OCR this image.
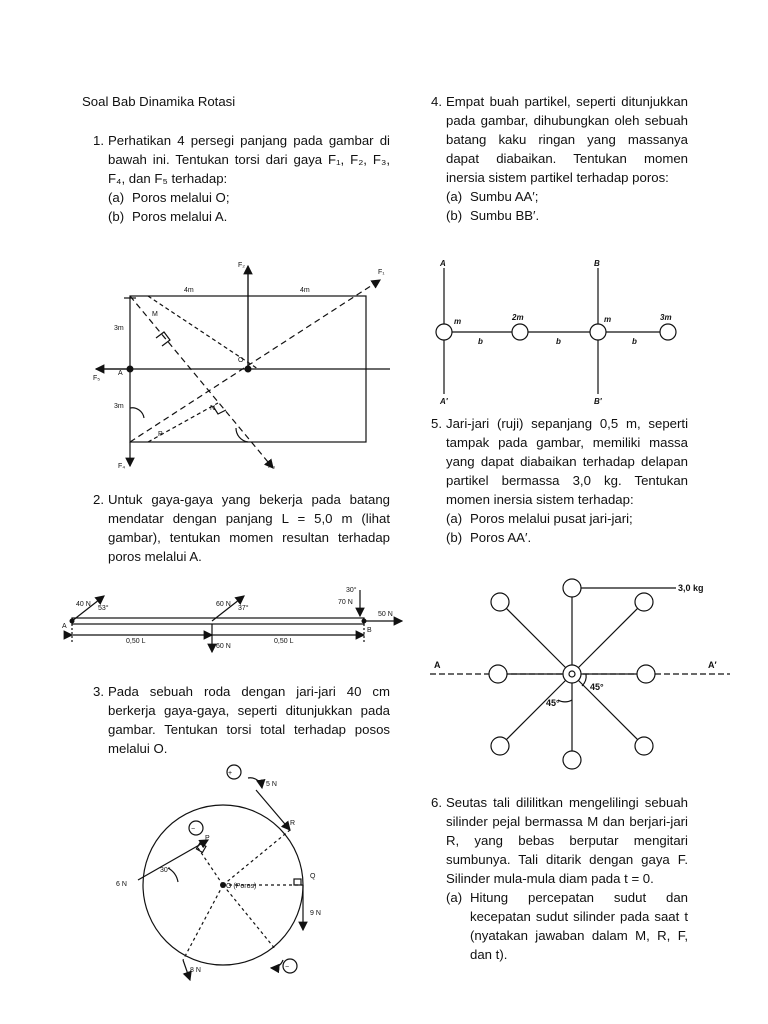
Soal Bab Dinamika Rotasi
1. Perhatikan 4 persegi panjang pada gambar di bawah ini. Tentukan torsi dari gaya F₁, F₂, F₃, F₄, dan F₅ terhadap:
(a) Poros melalui O;
(b) Poros melalui A.
2. Untuk gaya-gaya yang bekerja pada batang mendatar dengan panjang L = 5,0 m (lihat gambar), tentukan momen resultan terhadap poros melalui A.
3. Pada sebuah roda dengan jari-jari 40 cm berkerja gaya-gaya, seperti ditunjukkan pada gambar. Tentukan torsi total terhadap posos melalui O.
4. Empat buah partikel, seperti ditunjukkan pada gambar, dihubungkan oleh sebuah batang kaku ringan yang massanya dapat diabaikan. Tentukan momen inersia sistem partikel terhadap poros:
(a) Sumbu AA′;
(b) Sumbu BB′.
5. Jari-jari (ruji) sepanjang 0,5 m, seperti tampak pada gambar, memiliki massa yang dapat diabaikan terhadap delapan partikel bermassa 3,0 kg. Tentukan momen inersia sistem terhadap:
(a) Poros melalui pusat jari-jari;
(b) Poros AA′.
6. Seutas tali dililitkan mengelilingi sebuah silinder pejal bermassa M dan berjari-jari R, yang bebas berputar mengitari sumbunya. Tali ditarik dengan gaya F. Silinder mula-mula diam pada t = 0.
(a) Hitung percepatan sudut dan kecepatan sudut silinder pada saat t (nyatakan jawaban dalam M, R, F, dan t).
F₂
F₁
F₅
F₄	F₃
4m	4m
3m
3m
A
O
M
N
P
A
B
40 N
53°
60 N
37°
70 N
30°
50 N
60 N
0,50 L	0,50 L
+
−
−
5 N
6 N
9 N
8 N
O (Poros)
P
Q
R
30°
A
A′
B
B′
m	2m	m	3m
b	b	b
3,0 kg
A	A′
45°
45°
